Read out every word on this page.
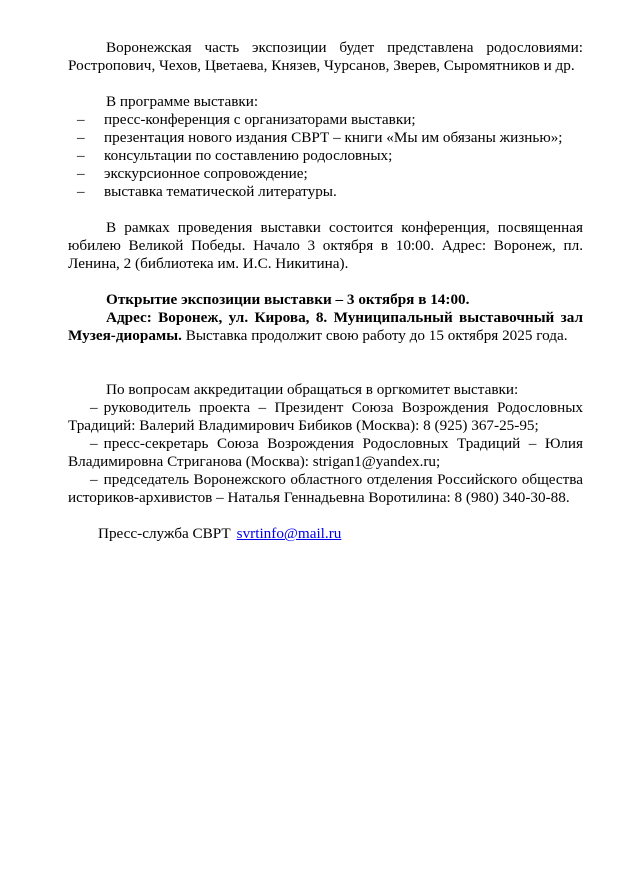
Воронежская часть экспозиции будет представлена родословиями: Ростропович, Чехов, Цветаева, Князев, Чурсанов, Зверев, Сыромятников и др.

В программе выставки:

– пресс-конференция с организаторами выставки;
– презентация нового издания СВРТ – книги «Мы им обязаны жизнью»;
– консультации по составлению родословных;
– экскурсионное сопровождение;
– выставка тематической литературы.

В рамках проведения выставки состоится конференция, посвященная юбилею Великой Победы. Начало 3 октября в 10:00. Адрес: Воронеж, пл. Ленина, 2 (библиотека им. И.С. Никитина).

Открытие экспозиции выставки – 3 октября в 14:00.

Адрес: Воронеж, ул. Кирова, 8. Муниципальный выставочный зал Музея-диорамы. Выставка продолжит свою работу до 15 октября 2025 года.

По вопросам аккредитации обращаться в оргкомитет выставки:

– руководитель проекта – Президент Союза Возрождения Родословных Традиций: Валерий Владимирович Бибиков (Москва): 8 (925) 367-25-95;

– пресс-секретарь Союза Возрождения Родословных Традиций – Юлия Владимировна Стриганова (Москва): strigan1@yandex.ru;

– председатель Воронежского областного отделения Российского общества историков-архивистов – Наталья Геннадьевна Воротилина: 8 (980) 340-30-88.

Пресс-служба СВРТ svrtinfo@mail.ru
